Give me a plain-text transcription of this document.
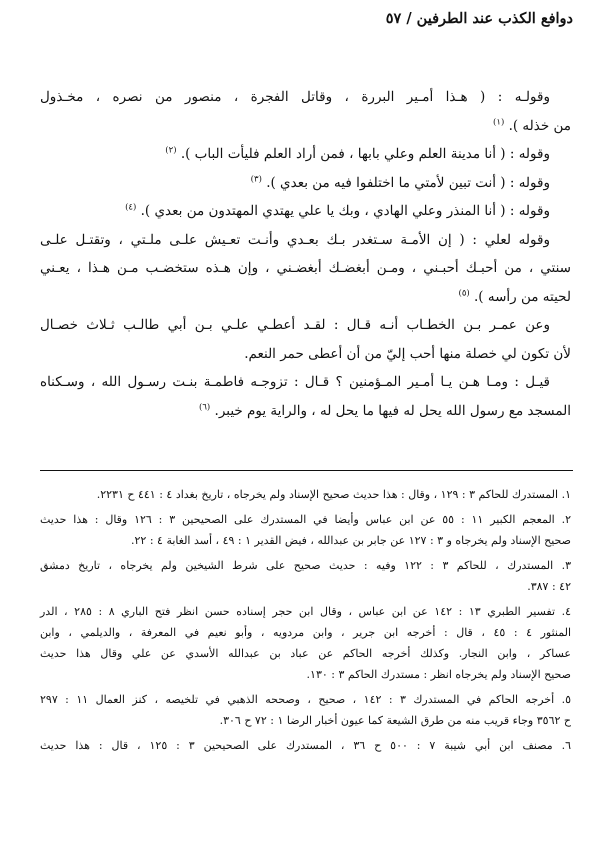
دوافع الكذب عند الطرفين / ٥٧

وقولـه : ( هـذا أمـير البررة ، وقاتل الفجرة ، منصور من نصره ، مخـذول

من خذله ). $^{(١)}$

وقوله : ( أنا مدينة العلم وعلي بابها ، فمن أراد العلم فليأت الباب ). $^{(٢)}$

وقوله : ( أنت تبين لأمتي ما اختلفوا فيه من بعدي ). $^{(٣)}$

وقوله : ( أنا المنذر وعلي الهادي ، وبك يا علي يهتدي المهتدون من بعدي ). $^{(٤)}$

وقوله لعلي : ( إن الأمـة سـتغدر بـك بعـدي وأنـت تعـيش علـى ملـتي ، وتقتـل علـى

سنتي ، من أحبـك أحبـني ، ومـن أبغضـك أبغضـني ، وإن هـذه ستخضـب مـن هـذا ، يعـني

لحيته من رأسه ). $^{(٥)}$

وعن عمـر بـن الخطـاب أنـه قـال : لقـد أعطـي علـي بـن أبي طالـب ثـلاث خصـال

لأن تكون لي خصلة منها أحب إليّ من أن أعطى حمر النعم.

قيـل : ومـا هـن يـا أمـير المـؤمنين ؟ قـال : تزوجـه فاطمـة بنـت رسـول الله ، وسـكناه

المسجد مع رسول الله يحل له فيها ما يحل له ، والراية يوم خيبر. $^{(٦)}$

١. المستدرك للحاكم ٣ : ١٢٩ ، وقال : هذا حديث صحيح الإسناد ولم يخرجاه ، تاريخ بغداد ٤ : ٤٤١ ح ٢٢٣١.
٢. المعجم الكبير ١١ : ٥٥ عن ابن عباس وأيضا في المستدرك على الصحيحين ٣ : ١٢٦ وقال : هذا حديث
صحيح الإسناد ولم يخرجاه و ٣ : ١٢٧ عن جابر بن عبدالله ، فيض القدير ١ : ٤٩ ، أسد الغابة ٤ : ٢٢.
٣. المستدرك ، للحاكم ٣ : ١٢٢ وفيه : حديث صحيح على شرط الشيخين ولم يخرجاه ، تاريخ دمشق
٤٢ : ٣٨٧.
٤. تفسير الطبري ١٣ : ١٤٢ عن ابن عباس ، وقال ابن حجر إسناده حسن انظر فتح الباري ٨ : ٢٨٥ ، الدر
المنثور ٤ : ٤٥ ، قال : أخرجه ابن جرير ، وابن مردويه ، وأبو نعيم في المعرفة ، والديلمي ، وابن
عساكر ، وابن النجار. وكذلك أخرجه الحاكم عن عباد بن عبدالله الأسدي عن علي وقال هذا حديث
صحيح الإسناد ولم يخرجاه انظر : مستدرك الحاكم ٣ : ١٣٠.
٥. أخرجه الحاكم في المستدرك ٣ : ١٤٢ ، صحيح ، وصححه الذهبي في تلخيصه ، كنز العمال ١١ : ٢٩٧
ح ٣٥٦٢ وجاء قريب منه من طرق الشيعة كما عيون أخبار الرضا ١ : ٧٢ ح ٣٠٦.
٦. مصنف ابن أبي شيبة ٧ : ٥٠٠ ح ٣٦ ، المستدرك على الصحيحين ٣ : ١٢٥ ، قال : هذا حديث
